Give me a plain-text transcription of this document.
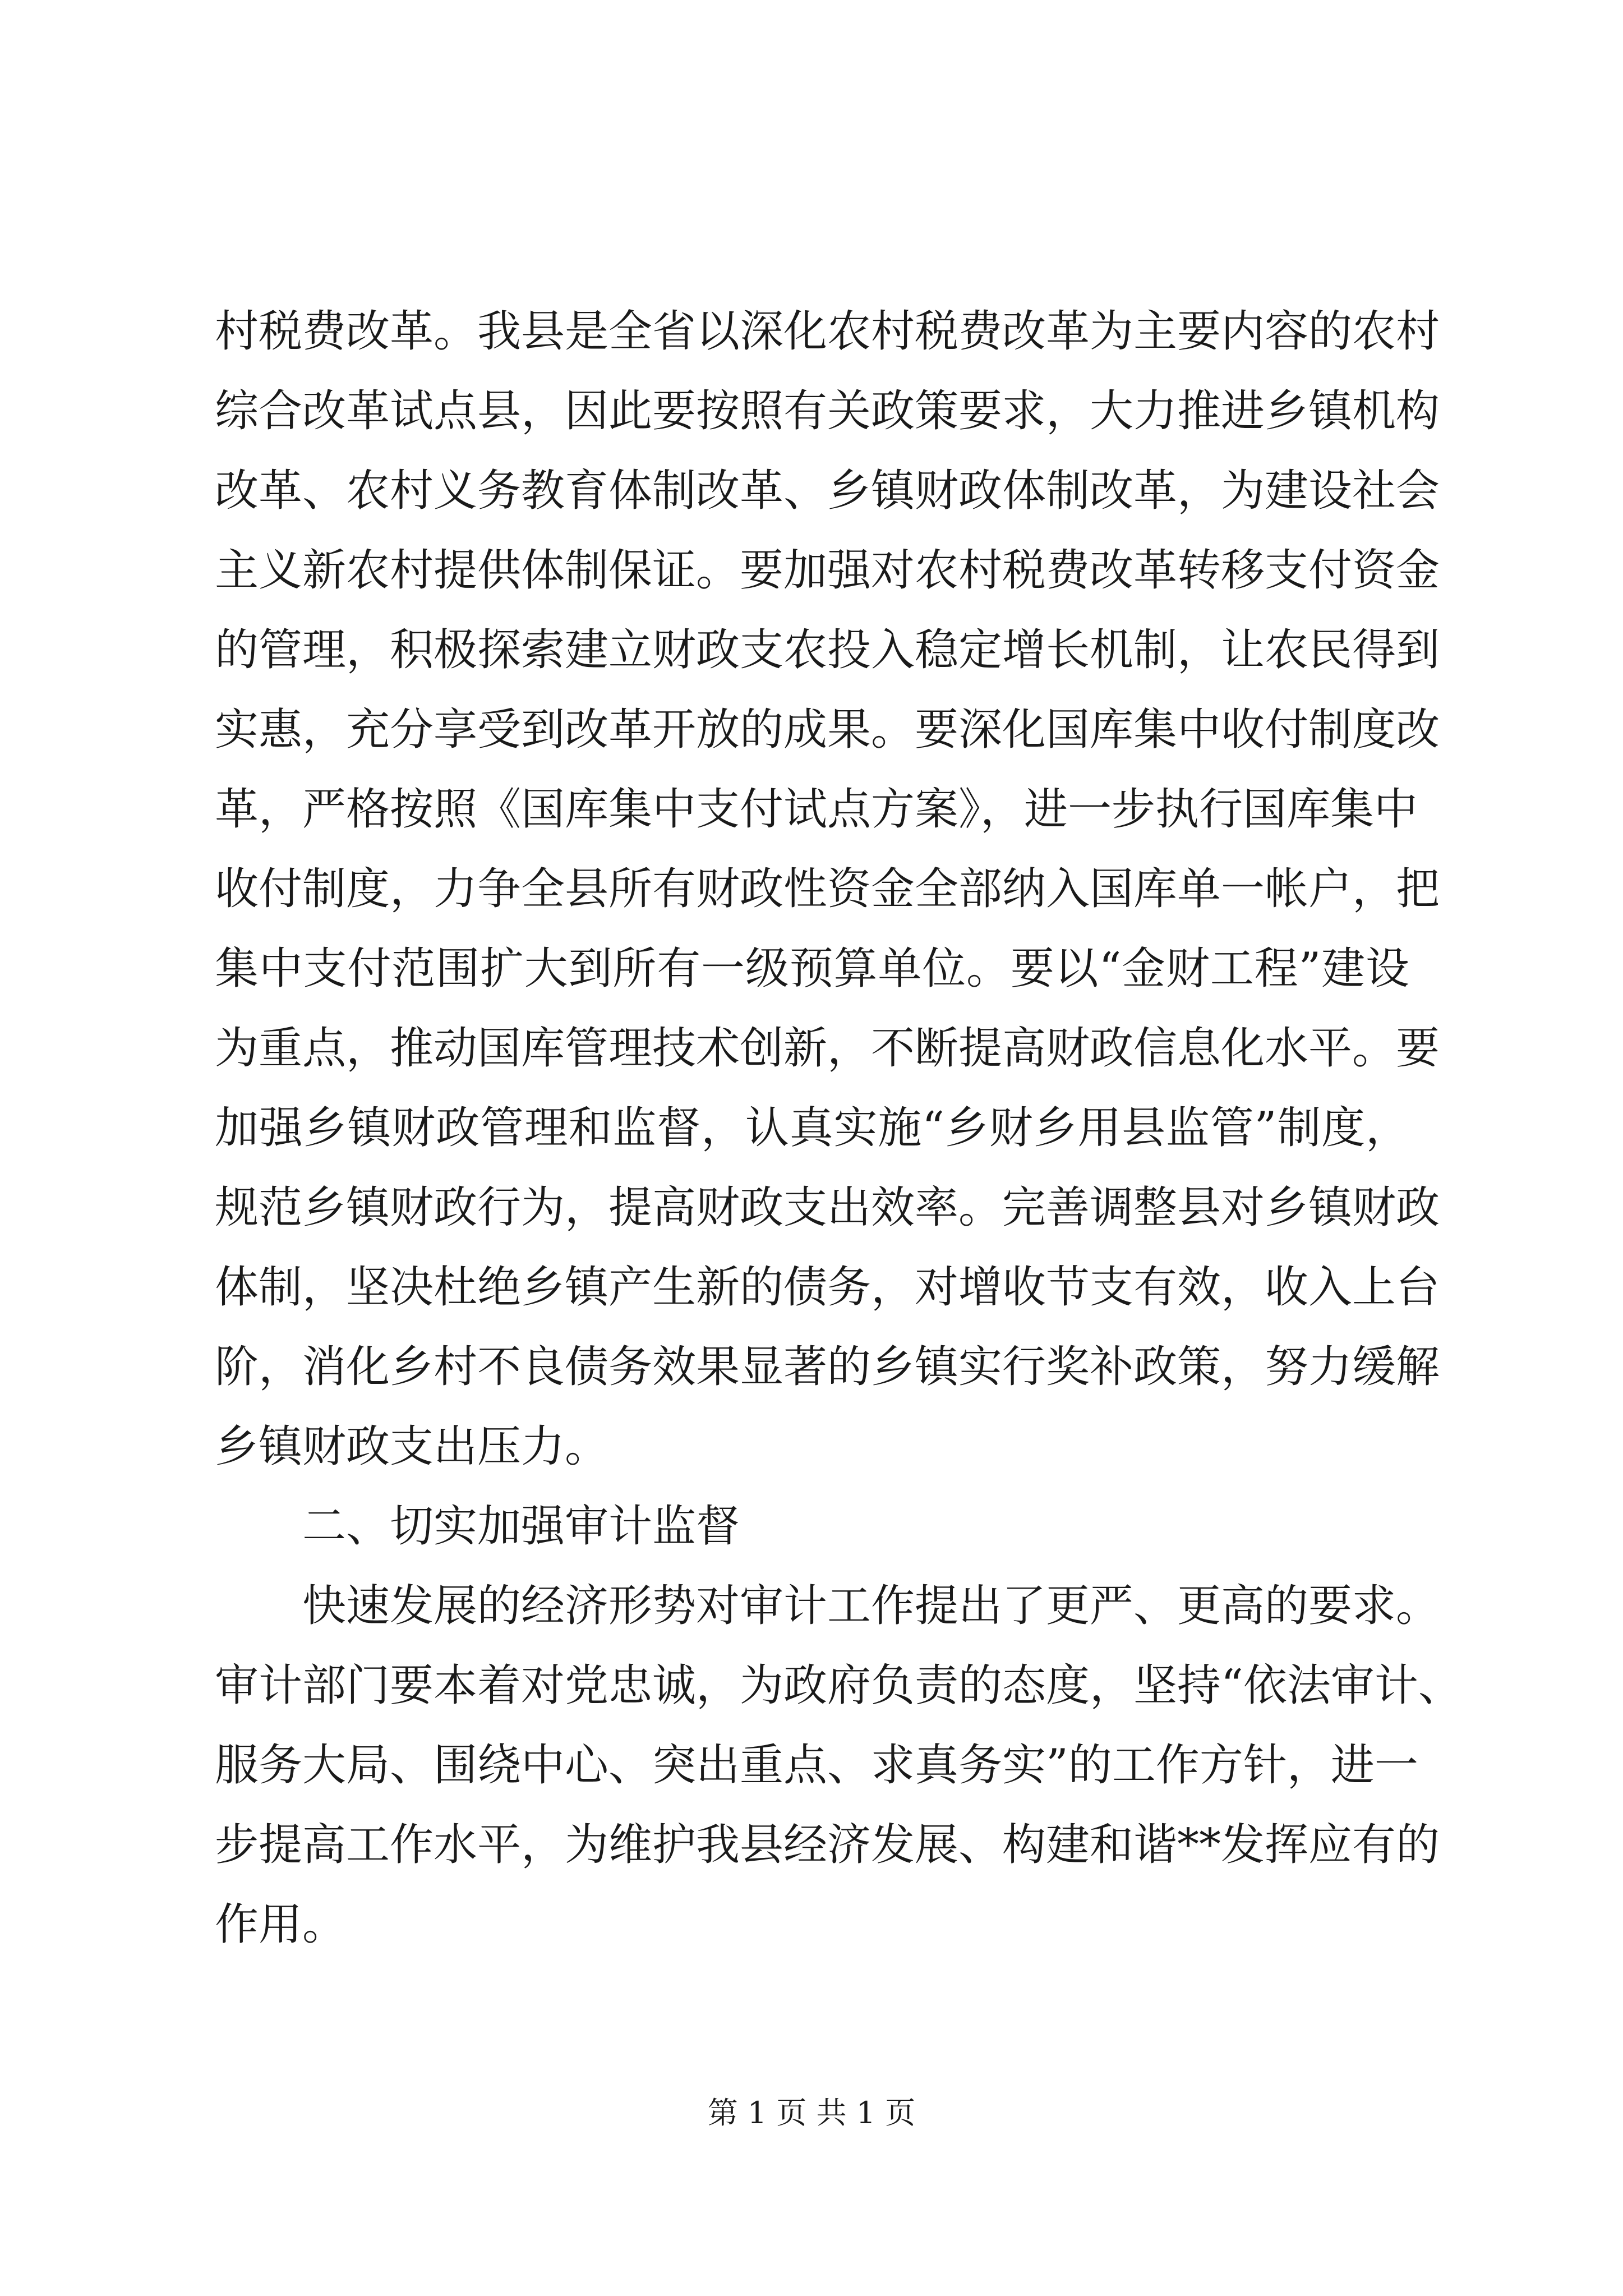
村税费改革。我县是全省以深化农村税费改革为主要内容的农村
综合改革试点县，因此要按照有关政策要求，大力推进乡镇机构
改革、农村义务教育体制改革、乡镇财政体制改革，为建设社会
主义新农村提供体制保证。要加强对农村税费改革转移支付资金
的管理，积极探索建立财政支农投入稳定增长机制，让农民得到
实惠，充分享受到改革开放的成果。要深化国库集中收付制度改
革，严格按照《国库集中支付试点方案》，进一步执行国库集中
收付制度，力争全县所有财政性资金全部纳入国库单一帐户，把
集中支付范围扩大到所有一级预算单位。要以“金财工程”建设
为重点，推动国库管理技术创新，不断提高财政信息化水平。要
加强乡镇财政管理和监督，认真实施“乡财乡用县监管”制度，
规范乡镇财政行为，提高财政支出效率。完善调整县对乡镇财政
体制，坚决杜绝乡镇产生新的债务，对增收节支有效，收入上台
阶，消化乡村不良债务效果显著的乡镇实行奖补政策，努力缓解
乡镇财政支出压力。
二、切实加强审计监督
快速发展的经济形势对审计工作提出了更严、更高的要求。
审计部门要本着对党忠诚，为政府负责的态度，坚持“依法审计、
服务大局、围绕中心、突出重点、求真务实”的工作方针，进一
步提高工作水平，为维护我县经济发展、构建和谐**发挥应有的
作用。
第 1 页 共 1 页
